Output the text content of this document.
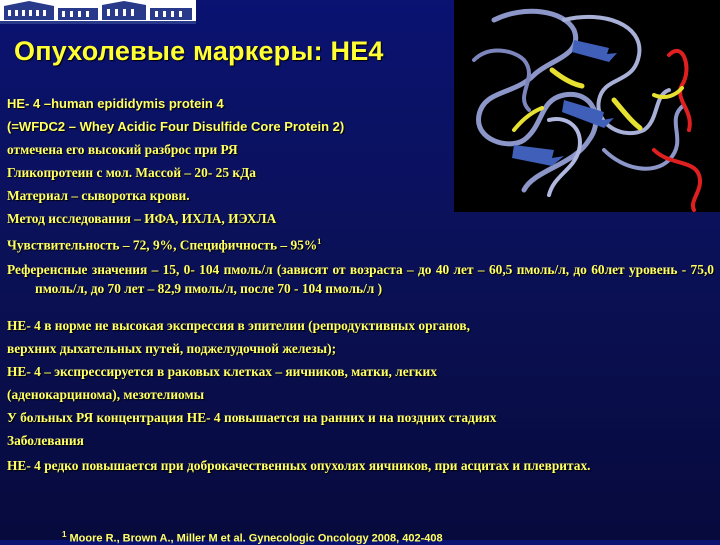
Опухолевые маркеры: НЕ4
НЕ- 4 –human epididymis protein 4
(=WFDC2 – Whey Acidic Four Disulfide Core Protein 2)
отмечена его высокий разброс при РЯ
Гликопротеин с мол. Массой – 20- 25 кДа
Материал – сыворотка крови.
Метод исследования – ИФА, ИХЛА, ИЭХЛА
Чувствительность – 72, 9%, Специфичность – 95%$^1$
Референсные значения – 15, 0- 104 пмоль/л (зависят от возраста – до 40 лет – 60,5 пмоль/л, до 60лет уровень - 75,0 пмоль/л, до 70 лет – 82,9 пмоль/л, после 70 - 104 пмоль/л )
НЕ- 4 в норме не высокая экспрессия в эпителии (репродуктивных органов,
верхних дыхательных путей, поджелудочной железы);
НЕ- 4 – экспрессируется в раковых клетках – яичников, матки, легких
(аденокарцинома), мезотелиомы
У больных РЯ концентрация НЕ- 4 повышается на ранних и на поздних стадиях
Заболевания
НЕ- 4 редко повышается при доброкачественных опухолях яичников, при асцитах и плевритах.
$^1$ Moore R., Brown A., Miller M et al. Gynecologic Oncology 2008, 402-408
